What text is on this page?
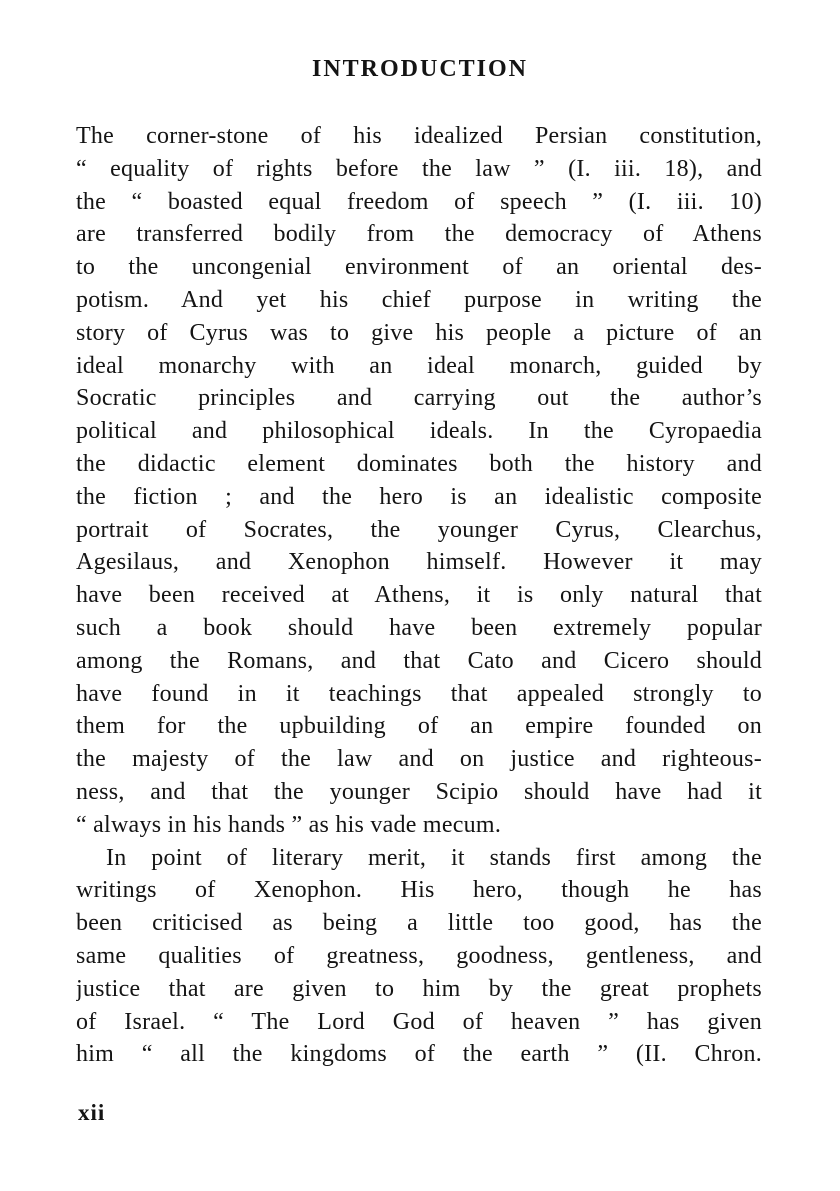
INTRODUCTION
The corner-stone of his idealized Persian constitution,
“ equality of rights before the law ” (I. iii. 18), and
the “ boasted equal freedom of speech ” (I. iii. 10)
are transferred bodily from the democracy of Athens
to the uncongenial environment of an oriental des-
potism. And yet his chief purpose in writing the
story of Cyrus was to give his people a picture of an
ideal monarchy with an ideal monarch, guided by
Socratic principles and carrying out the author’s
political and philosophical ideals. In the Cyropaedia
the didactic element dominates both the history and
the fiction ; and the hero is an idealistic composite
portrait of Socrates, the younger Cyrus, Clearchus,
Agesilaus, and Xenophon himself. However it may
have been received at Athens, it is only natural that
such a book should have been extremely popular
among the Romans, and that Cato and Cicero should
have found in it teachings that appealed strongly to
them for the upbuilding of an empire founded on
the majesty of the law and on justice and righteous-
ness, and that the younger Scipio should have had it
“ always in his hands ” as his vade mecum.
In point of literary merit, it stands first among the
writings of Xenophon. His hero, though he has
been criticised as being a little too good, has the
same qualities of greatness, goodness, gentleness, and
justice that are given to him by the great prophets
of Israel. “ The Lord God of heaven ” has given
him “ all the kingdoms of the earth ” (II. Chron.
xii
